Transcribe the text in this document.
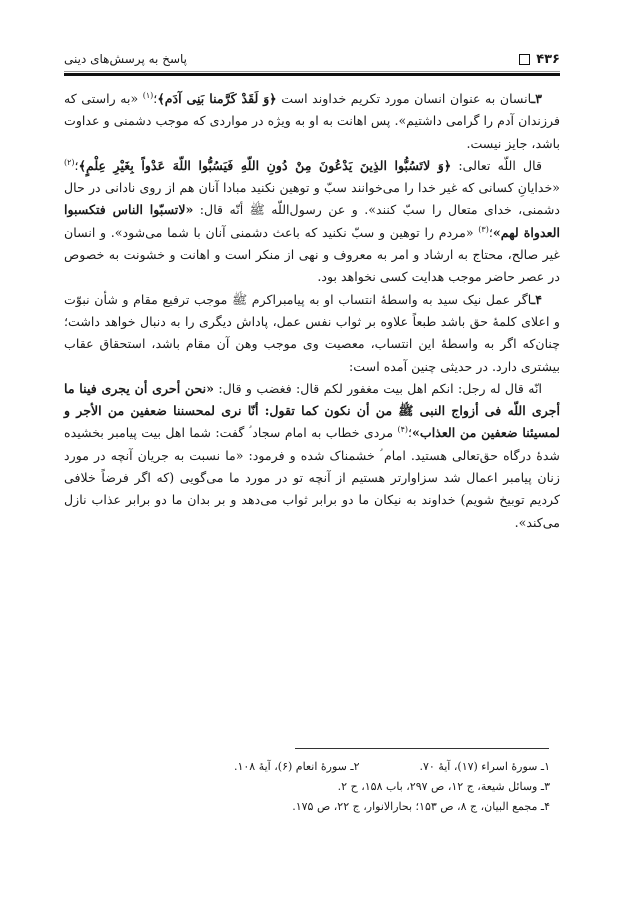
۴۳۶
پاسخ به پرسش‌های دینی

۳ـانسان به عنوان انسان مورد تکریم خداوند است ﴿وَ لَقَدْ کَرَّمنا بَنِی آدَم﴾؛$^{(۱)}$ «به راستی که فرزندان آدم را گرامی داشتیم». پس اهانت به او به ویژه در مواردی که موجب دشمنی و عداوت باشد، جایز نیست.

قال اللّه تعالی: ﴿وَ لاتَسُبُّوا الذِینَ یَدْعُونَ مِنْ دُونِ اللّهِ فَیَسُبُّوا اللّهَ عَدْواً بِغَیْرِ عِلْمٍ﴾؛$^{(۲)}$ «خدایانِ کسانی که غیر خدا را می‌خوانند سبّ و توهین نکنید مبادا آنان هم از روی نادانی در حال دشمنی، خدای متعال را سبّ کنند». و عن رسول‌اللّه ﷺ أنّه قال: «لاتسبّوا الناس فتکسبوا العدواة لهم»؛$^{(۳)}$ «مردم را توهین و سبّ نکنید که باعث دشمنی آنان با شما می‌شود». و انسان غیر صالح، محتاج به ارشاد و امر به معروف و نهی از منکر است و اهانت و خشونت به خصوص در عصر حاضر موجب هدایت کسی نخواهد بود.

۴ـاگر عمل نیک سید به واسطهٔ انتساب او به پیامبراکرم ﷺ موجب ترفیع مقام و شأن نبوّت و اعلای کلمهٔ حق باشد طبعاً علاوه بر ثواب نفس عمل، پاداش دیگری را به دنبال خواهد داشت؛ چنان‌که اگر به واسطهٔ این انتساب، معصیت وی موجب وهن آن مقام باشد، استحقاق عقاب بیشتری دارد. در حدیثی چنین آمده است:

انّه قال له رجل: انکم اهل بیت مغفور لکم قال: فغضب و قال: «نحن أحری أن یجری فینا ما أجری اللّه فی أزواج النبی ﷺ من أن نکون کما تقول: أنّا نری لمحسننا ضعفین من الأجر و لمسیئنا ضعفین من العذاب»؛$^{(۴)}$ مردی خطاب به امام سجاد ؑ گفت: شما اهل بیت پیامبر بخشیده شدهٔ درگاه حق‌تعالی هستید. امام ؑ خشمناک شده و فرمود: «ما نسبت به جریان آنچه در مورد زنان پیامبر اعمال شد سزاوارتر هستیم از آنچه تو در مورد ما می‌گویی (که اگر فرضاً خلافی کردیم توبیخ شویم) خداوند به نیکان ما دو برابر ثواب می‌دهد و بر بدان ما دو برابر عذاب نازل می‌کند».

۱ـ سورهٔ اسراء (۱۷)، آیهٔ ۷۰.
۲ـ سورهٔ انعام (۶)، آیهٔ ۱۰۸.
۳ـ وسائل شیعة، ج ۱۲، ص ۲۹۷، باب ۱۵۸، ح ۲.
۴ـ مجمع البیان، ج ۸، ص ۱۵۳؛ بحارالانوار، ج ۲۲، ص ۱۷۵.
